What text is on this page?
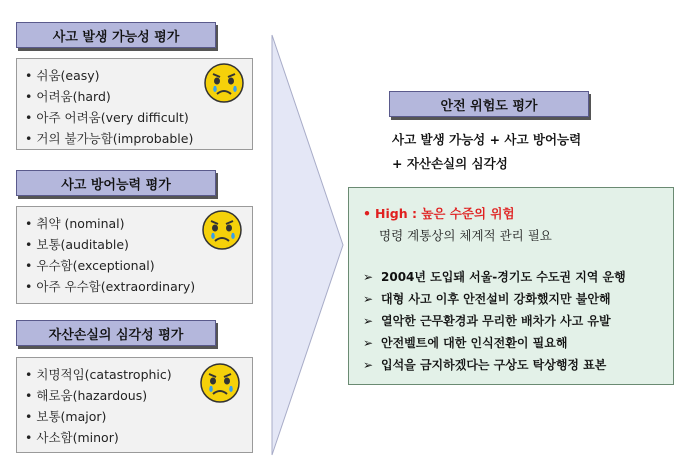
사고 발생 가능성 평가
• 쉬움(easy)
• 어려움(hard)
• 아주 어려움(very difficult)
• 거의 불가능함(improbable)
사고 방어능력 평가
• 취약 (nominal)
• 보통(auditable)
• 우수함(exceptional)
• 아주 우수함(extraordinary)
자산손실의 심각성 평가
• 치명적임(catastrophic)
• 해로움(hazardous)
• 보통(major)
• 사소함(minor)
안전 위험도 평가
사고 발생 가능성 + 사고 방어능력
+ 자산손실의 심각성
• High : 높은 수준의 위험
명령 계통상의 체계적 관리 필요
➢ 2004년 도입돼 서울-경기도 수도권 지역 운행
➢ 대형 사고 이후 안전설비 강화했지만 불안해
➢ 열악한 근무환경과 무리한 배차가 사고 유발
➢ 안전벨트에 대한 인식전환이 필요해
➢ 입석을 금지하겠다는 구상도 탁상행정 표본
